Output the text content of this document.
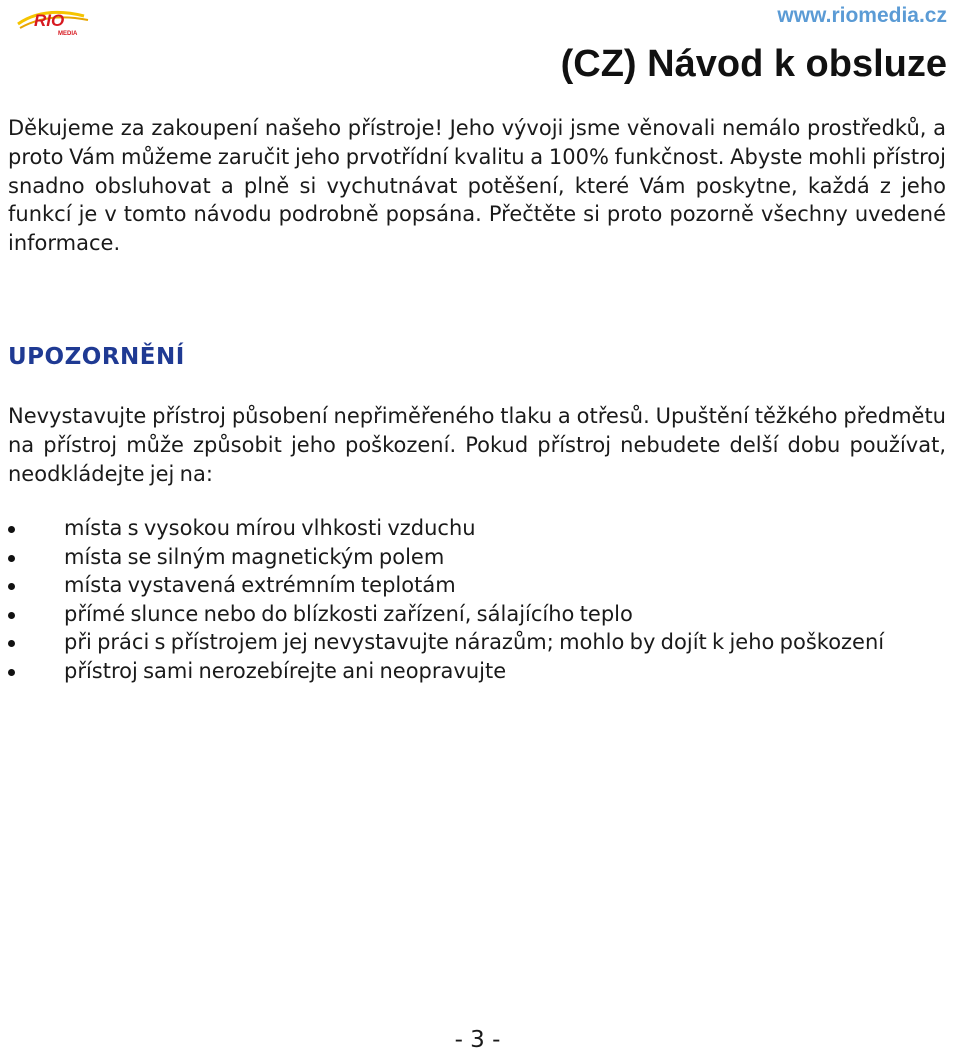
RIO
MEDIA
www.riomedia.cz
(CZ) Návod k obsluze

Děkujeme za zakoupení našeho přístroje! Jeho vývoji jsme věnovali nemálo prostředků, a proto Vám můžeme zaručit jeho prvotřídní kvalitu a 100% funkčnost. Abyste mohli přístroj snadno obsluhovat a plně si vychutnávat potěšení, které Vám poskytne, každá z jeho funkcí je v tomto návodu podrobně popsána. Přečtěte si proto pozorně všechny uvedené informace.

UPOZORNĚNÍ

Nevystavujte přístroj působení nepřiměřeného tlaku a otřesů. Upuštění těžkého předmětu na přístroj může způsobit jeho poškození. Pokud přístroj nebudete delší dobu používat, neodkládejte jej na:

místa s vysokou mírou vlhkosti vzduchu
místa se silným magnetickým polem
místa vystavená extrémním teplotám
přímé slunce nebo do blízkosti zařízení, sálajícího teplo
při práci s přístrojem jej nevystavujte nárazům; mohlo by dojít k jeho poškození
přístroj sami nerozebírejte ani neopravujte

- 3 -
